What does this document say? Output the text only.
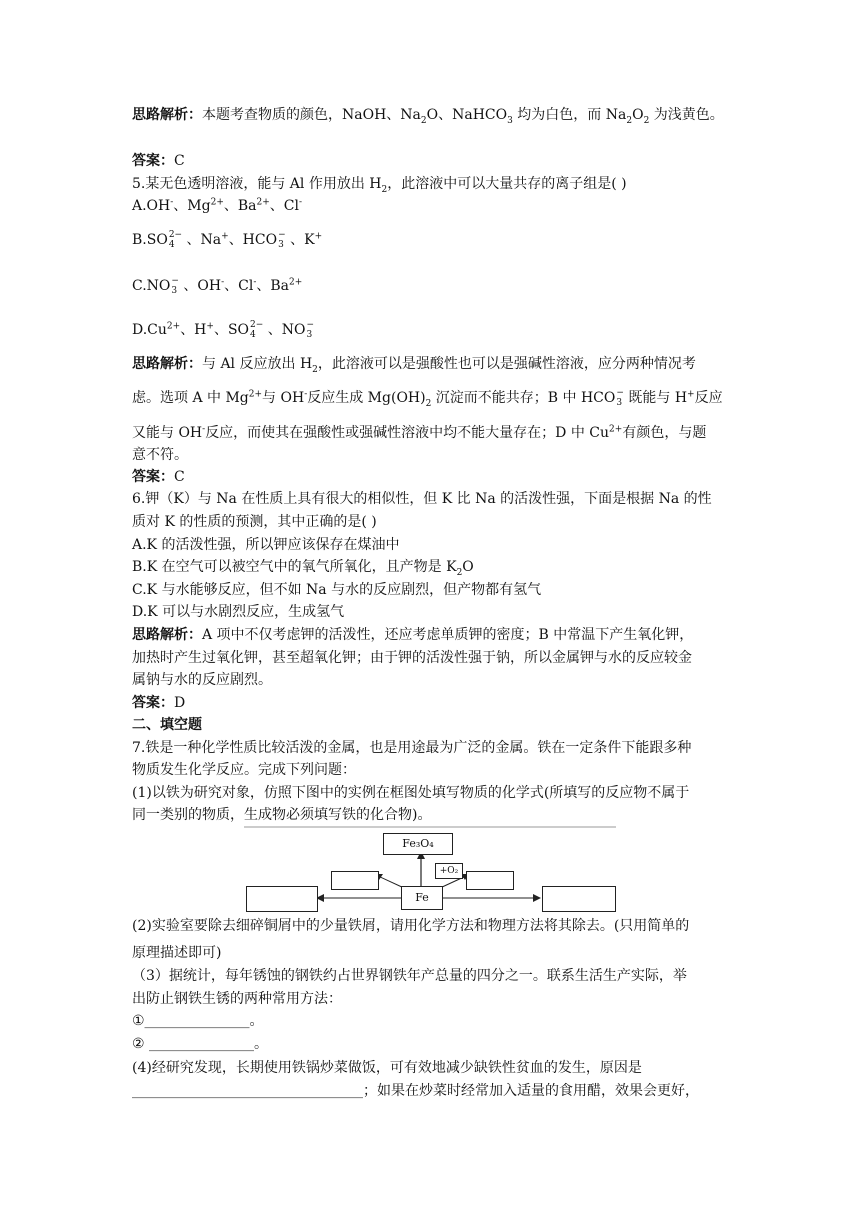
思路解析：本题考查物质的颜色，NaOH、$Na_2O$、NaHCO$_3$ 均为白色，而 $Na_2O_2$ 为浅黄色。
答案：C
5.某无色透明溶液，能与 Al 作用放出 $H_2$，此溶液中可以大量共存的离子组是( )
A.OH-、$Mg^{2+}$、$Ba^{2+}$、Cl-
B.SO 2−
4 、Na+、HCO −
3 、K+
C.NO −
3 、OH-、Cl-、$Ba^{2+}$
$D.Cu^{2+}$、H+、SO 2−
4 、NO −
3
思路解析：与 Al 反应放出 $H_2$，此溶液可以是强酸性也可以是强碱性溶液，应分两种情况考
虑。选项 A 中 $Mg^{2+}$与 OH-反应生成 $Mg(OH)_2$ 沉淀而不能共存；B 中 HCO −
3 既能与 H+反应
又能与 OH-反应，而使其在强酸性或强碱性溶液中均不能大量存在；D 中 $Cu^{2+}$有颜色，与题
意不符。
答案：C
6.钾（K）与 Na 在性质上具有很大的相似性，但 K 比 Na 的活泼性强，下面是根据 Na 的性
质对 K 的性质的预测，其中正确的是( )
A.K 的活泼性强，所以钾应该保存在煤油中
B.K 在空气可以被空气中的氧气所氧化，且产物是 $K_2O$
C.K 与水能够反应，但不如 Na 与水的反应剧烈，但产物都有氢气
D.K 可以与水剧烈反应，生成氢气
思路解析：A 项中不仅考虑钾的活泼性，还应考虑单质钾的密度；B 中常温下产生氧化钾，
加热时产生过氧化钾，甚至超氧化钾；由于钾的活泼性强于钠，所以金属钾与水的反应较金
属钠与水的反应剧烈。
答案：D
二、填空题
7.铁是一种化学性质比较活泼的金属，也是用途最为广泛的金属。铁在一定条件下能跟多种
物质发生化学反应。完成下列问题：
(1)以铁为研究对象，仿照下图中的实例在框图处填写物质的化学式(所填写的反应物不属于
同一类别的物质，生成物必须填写铁的化合物)。
Fe₃O₄
+O₂
Fe
(2)实验室要除去细碎铜屑中的少量铁屑，请用化学方法和物理方法将其除去。(只用简单的
原理描述即可)
（3）据统计，每年锈蚀的钢铁约占世界钢铁年产总量的四分之一。联系生活生产实际，举
出防止钢铁生锈的两种常用方法：
①_______________。
② _______________。
(4)经研究发现，长期使用铁锅炒菜做饭，可有效地减少缺铁性贫血的发生，原因是
_________________________________；如果在炒菜时经常加入适量的食用醋，效果会更好，
